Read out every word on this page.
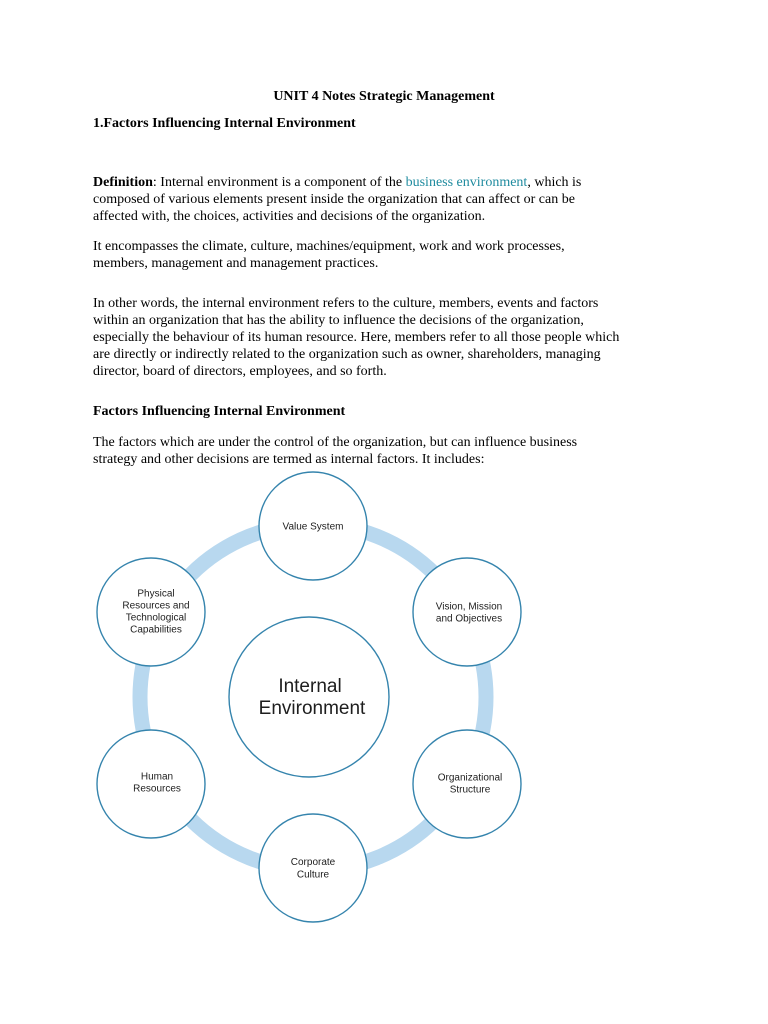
UNIT 4 Notes Strategic Management
1.Factors Influencing Internal Environment
Definition: Internal environment is a component of the business environment, which is
composed of various elements present inside the organization that can affect or can be
affected with, the choices, activities and decisions of the organization.
It encompasses the climate, culture, machines/equipment, work and work processes,
members, management and management practices.
In other words, the internal environment refers to the culture, members, events and factors
within an organization that has the ability to influence the decisions of the organization,
especially the behaviour of its human resource. Here, members refer to all those people which
are directly or indirectly related to the organization such as owner, shareholders, managing
director, board of directors, employees, and so forth.
Factors Influencing Internal Environment
The factors which are under the control of the organization, but can influence business
strategy and other decisions are termed as internal factors. It includes:
Internal
Environment
Value System
Vision, Mission
and Objectives
Organizational
Structure
Corporate
Culture
Human
Resources
Physical
Resources and
Technological
Capabilities
